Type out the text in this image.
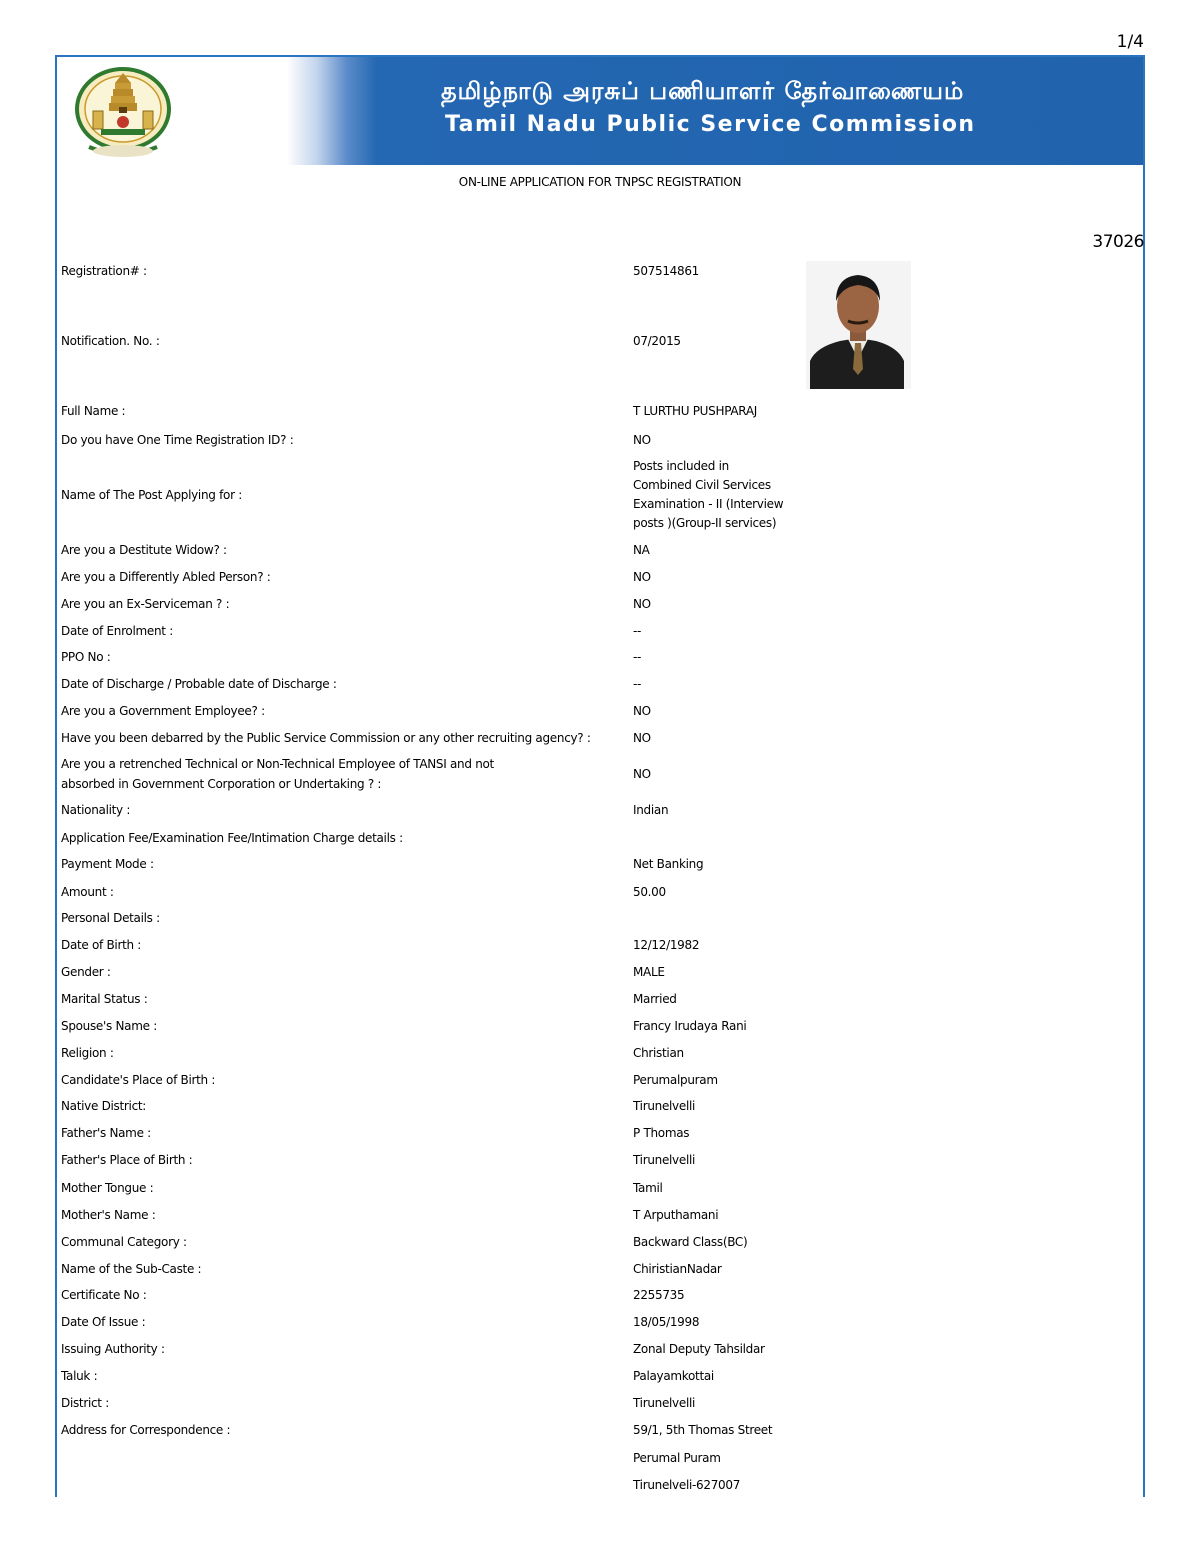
1/4
தமிழ்நாடு அரசுப் பணியாளர் தேர்வாணையம்
Tamil Nadu Public Service Commission
ON-LINE APPLICATION FOR TNPSC REGISTRATION
37026
Registration# :	507514861
Notification. No. :	07/2015
Full Name :	T LURTHU PUSHPARAJ
Do you have One Time Registration ID? :	NO
Name of The Post Applying for :
Posts included in
Combined Civil Services
Examination - II (Interview
posts )(Group-II services)
Are you a Destitute Widow? :	NA
Are you a Differently Abled Person? :	NO
Are you an Ex-Serviceman ? :	NO
Date of Enrolment :	--
PPO No :	--
Date of Discharge / Probable date of Discharge :	--
Are you a Government Employee? :	NO
Have you been debarred by the Public Service Commission or any other recruiting agency? :	NO
Are you a retrenched Technical or Non-Technical Employee of TANSI and not
absorbed in Government Corporation or Undertaking ? :
NO
Nationality :	Indian
Application Fee/Examination Fee/Intimation Charge details :
Payment Mode :	Net Banking
Amount :	50.00
Personal Details :
Date of Birth :	12/12/1982
Gender :	MALE
Marital Status :	Married
Spouse's Name :	Francy Irudaya Rani
Religion :	Christian
Candidate's Place of Birth :	Perumalpuram
Native District:	Tirunelvelli
Father's Name :	P Thomas
Father's Place of Birth :	Tirunelvelli
Mother Tongue :	Tamil
Mother's Name :	T Arputhamani
Communal Category :	Backward Class(BC)
Name of the Sub-Caste :	ChiristianNadar
Certificate No :	2255735
Date Of Issue :	18/05/1998
Issuing Authority :	Zonal Deputy Tahsildar
Taluk :	Palayamkottai
District :	Tirunelvelli
Address for Correspondence :	59/1, 5th Thomas Street
Perumal Puram
Tirunelveli-627007
